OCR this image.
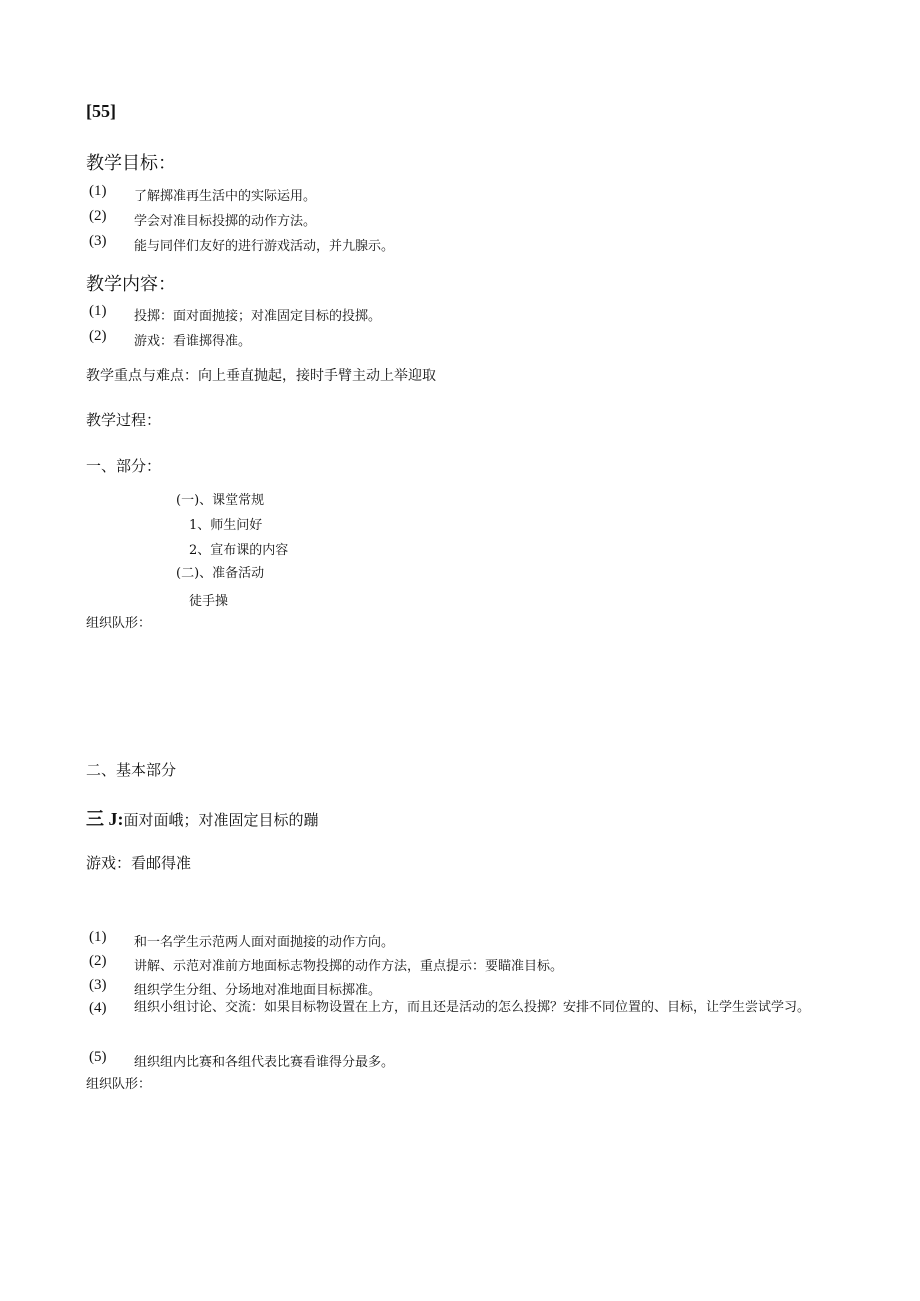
[55]
教学目标：
(1) 了解掷准再生活中的实际运用。
(2) 学会对准目标投掷的动作方法。
(3) 能与同伴们友好的进行游戏活动，并九腺示。
教学内容：
(1) 投掷：面对面抛接；对准固定目标的投掷。
(2) 游戏：看谁掷得准。
教学重点与难点：向上垂直抛起，接时手臂主动上举迎取
教学过程：
一、部分：
(一)、课堂常规
1、师生问好
2、宣布课的内容
(二)、准备活动
徒手操
组织队形：
二、基本部分
三 J:面对面峨；对准固定目标的蹦
游戏：看邮得准
(1) 和一名学生示范两人面对面抛接的动作方向。
(2) 讲解、示范对准前方地面标志物投掷的动作方法，重点提示：要瞄准目标。
(3) 组织学生分组、分场地对准地面目标掷准。
(4) 组织小组讨论、交流：如果目标物设置在上方，而且还是活动的怎么投掷？安排不同位置的、目标，让学生尝试学习。
(5) 组织组内比赛和各组代表比赛看谁得分最多。
组织队形：
